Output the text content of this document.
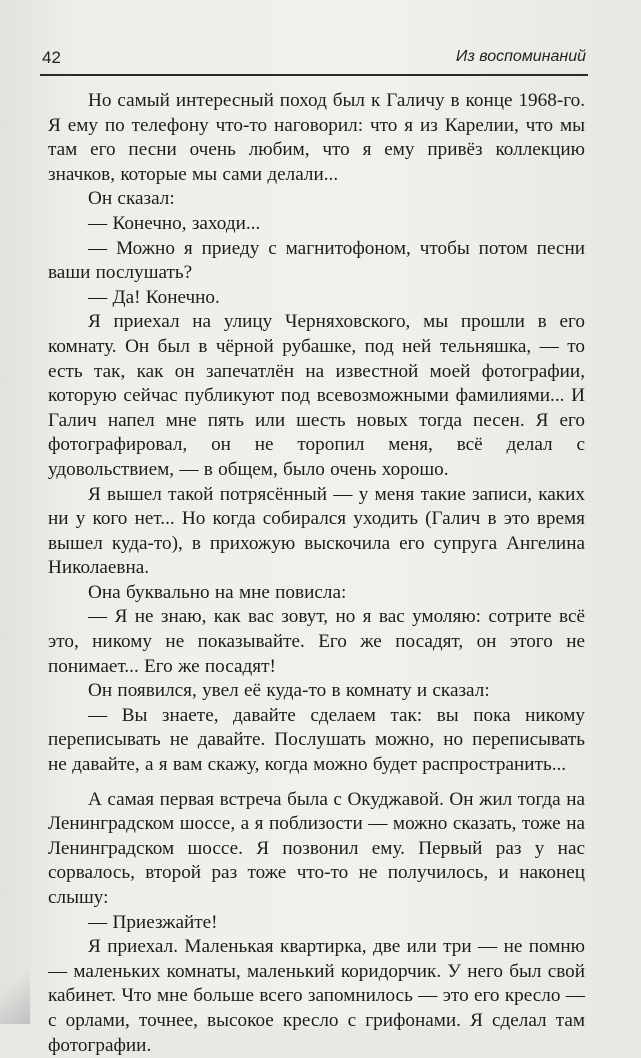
42	Из воспоминаний

Но самый интересный поход был к Галичу в конце 1968-го. Я ему по телефону что-то наговорил: что я из Карелии, что мы там его песни очень любим, что я ему привёз коллекцию значков, которые мы сами делали...

Он сказал:

— Конечно, заходи...

— Можно я приеду с магнитофоном, чтобы потом песни ваши послушать?

— Да! Конечно.

Я приехал на улицу Черняховского, мы прошли в его комнату. Он был в чёрной рубашке, под ней тельняшка, — то есть так, как он запечатлён на известной моей фотографии, которую сейчас публикуют под всевозможными фамилиями... И Галич напел мне пять или шесть новых тогда песен. Я его фотографировал, он не торопил меня, всё делал с удовольствием, — в общем, было очень хорошо.

Я вышел такой потрясённый — у меня такие записи, каких ни у кого нет... Но когда собирался уходить (Галич в это время вышел куда-то), в прихожую выскочила его супруга Ангелина Николаевна.

Она буквально на мне повисла:

— Я не знаю, как вас зовут, но я вас умоляю: сотрите всё это, никому не показывайте. Его же посадят, он этого не понимает... Его же посадят!

Он появился, увел её куда-то в комнату и сказал:

— Вы знаете, давайте сделаем так: вы пока никому переписывать не давайте. Послушать можно, но переписывать не давайте, а я вам скажу, когда можно будет распространить...

А самая первая встреча была с Окуджавой. Он жил тогда на Ленинградском шоссе, а я поблизости — можно сказать, тоже на Ленинградском шоссе. Я позвонил ему. Первый раз у нас сорвалось, второй раз тоже что-то не получилось, и наконец слышу:

— Приезжайте!

Я приехал. Маленькая квартирка, две или три — не помню — маленьких комнаты, маленький коридорчик. У него был свой кабинет. Что мне больше всего запомнилось — это его кресло — с орлами, точнее, высокое кресло с грифонами. Я сделал там фотографии.
